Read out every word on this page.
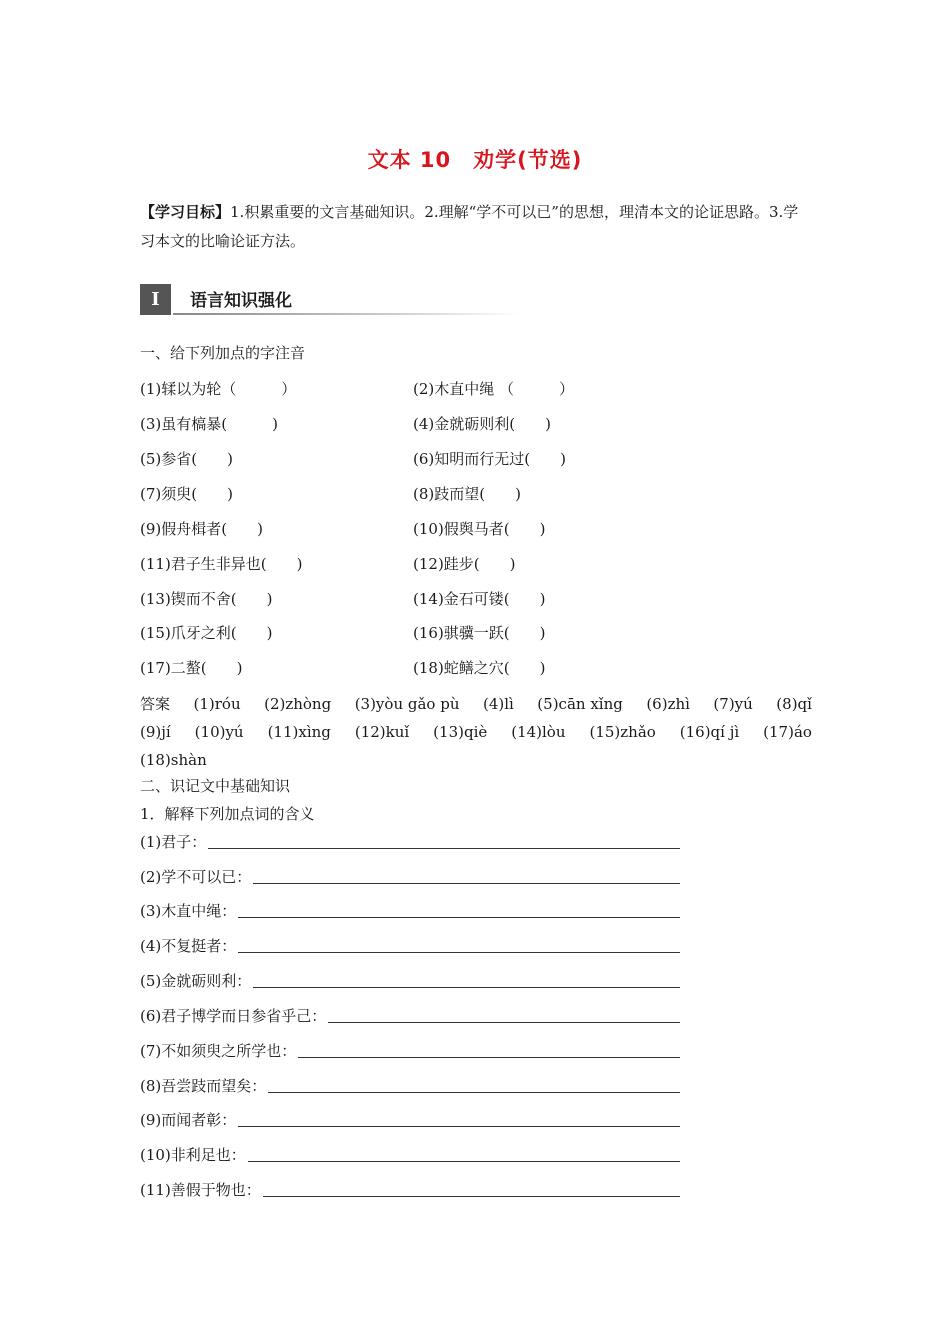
文本 10　劝学(节选)
【学习目标】1.积累重要的文言基础知识。2.理解“学不可以已”的思想，理清本文的论证思路。3.学习本文的比喻论证方法。
I	语言知识强化
一、给下列加点的字注音
(1)𫐓以为轮（　　　）	(2)木直中绳 （　　　）
(3)虽有槁暴(　　　)	(4)金就砺则利(　　)
(5)参省(　　)	(6)知明而行无过(　　)
(7)须臾(　　)	(8)跂而望(　　)
(9)假舟楫者(　　)	(10)假舆马者(　　)
(11)君子生非异也(　　)	(12)跬步(　　)
(13)锲而不舍(　　)	(14)金石可镂(　　)
(15)爪牙之利(　　)	(16)骐骥一跃(　　)
(17)二螯(　　)	(18)蛇鳝之穴(　　)
答案 (1)róu (2)zhòng (3)yòu gǎo pù (4)lì (5)cān xǐng (6)zhì (7)yú (8)qǐ
(9)jí (10)yú (11)xìng (12)kuǐ (13)qiè (14)lòu (15)zhǎo (16)qí jì (17)áo
(18)shàn
二、识记文中基础知识
1．解释下列加点词的含义
(1)君子：
(2)学不可以已：
(3)木直中绳：
(4)不复挺者：
(5)金就砺则利：
(6)君子博学而日参省乎己：
(7)不如须臾之所学也：
(8)吾尝跂而望矣：
(9)而闻者彰：
(10)非利足也：
(11)善假于物也：
